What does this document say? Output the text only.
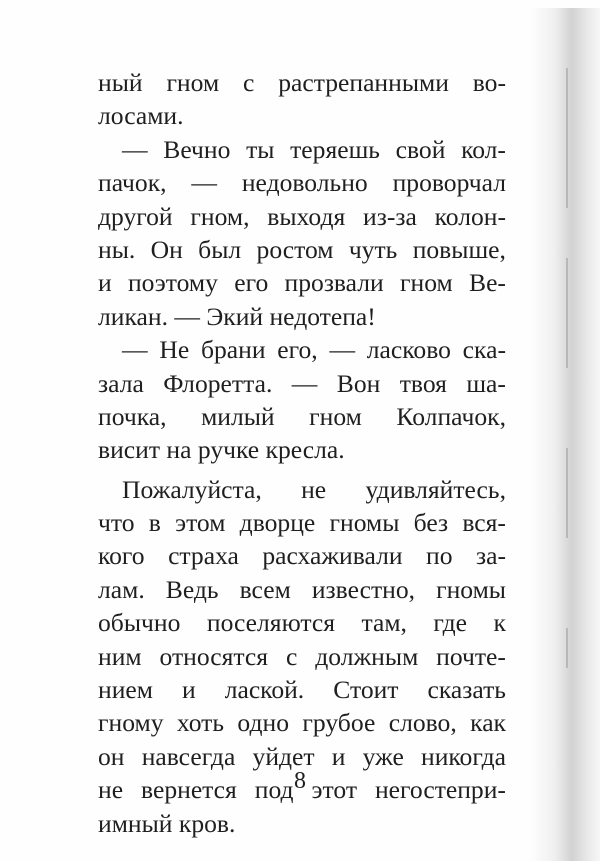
ный гном с растрепанными во-
лосами.
— Вечно ты теряешь свой кол-
пачок, — недовольно проворчал
другой гном, выходя из-за колон-
ны. Он был ростом чуть повыше,
и поэтому его прозвали гном Ве-
ликан. — Экий недотепа!
— Не брани его, — ласково ска-
зала Флоретта. — Вон твоя ша-
почка, милый гном Колпачок,
висит на ручке кресла.
Пожалуйста, не удивляйтесь,
что в этом дворце гномы без вся-
кого страха расхаживали по за-
лам. Ведь всем известно, гномы
обычно поселяются там, где к
ним относятся с должным почте-
нием и лаской. Стоит сказать
гному хоть одно грубое слово, как
он навсегда уйдет и уже никогда
не вернется под этот негостепри-
имный кров.
8
